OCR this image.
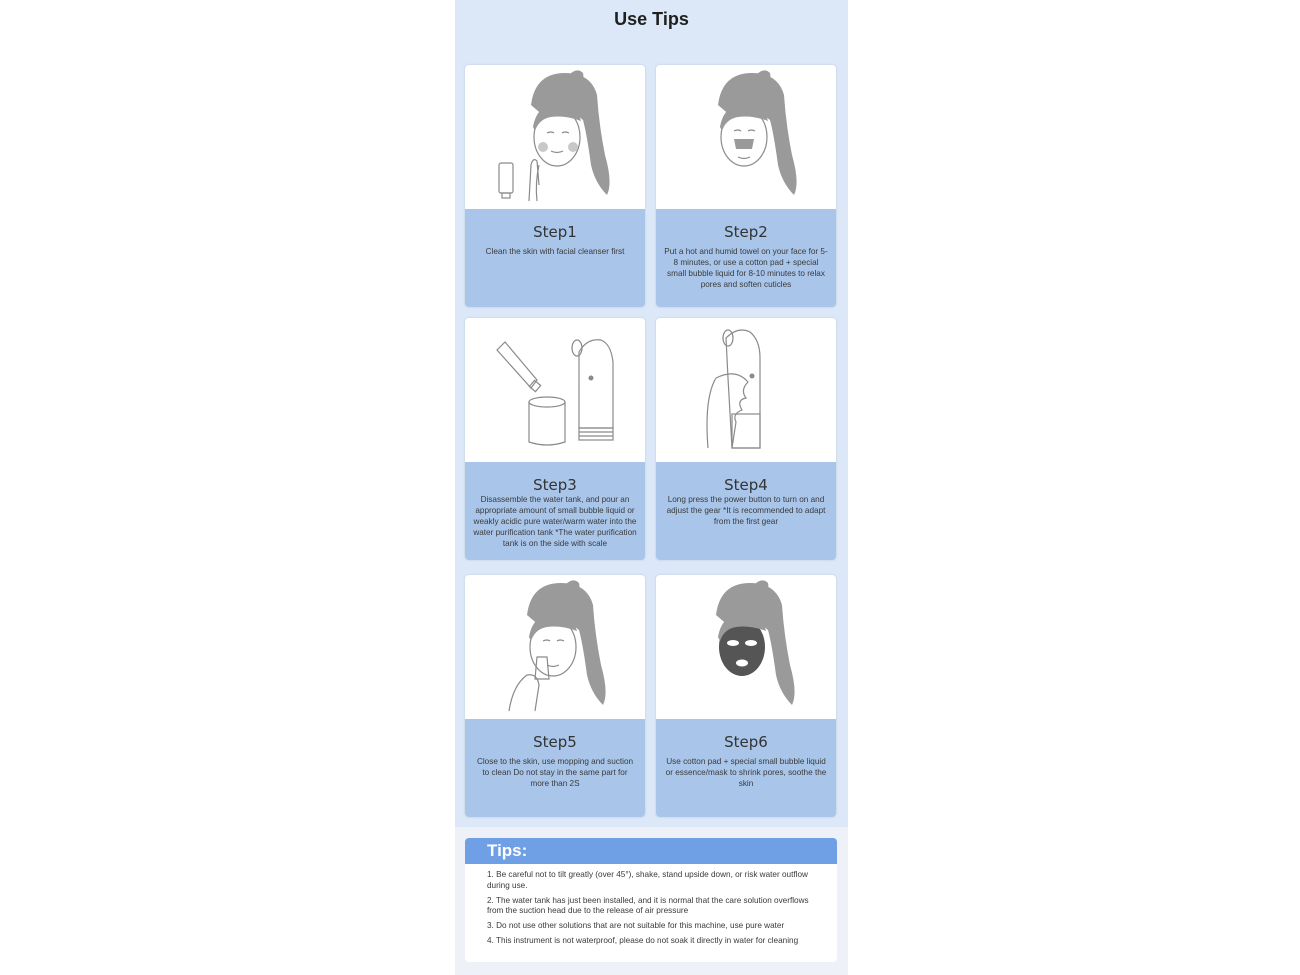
Use Tips
Step1
Clean the skin with facial cleanser first
Step2
Put a hot and humid towel on your face for 5-8 minutes, or use a cotton pad + special small bubble liquid for 8-10 minutes to relax pores and soften cuticles
Step3
Disassemble the water tank, and pour an appropriate amount of small bubble liquid or weakly acidic pure water/warm water into the water purification tank *The water purification tank is on the side with scale
Step4
Long press the power button to turn on and adjust the gear *It is recommended to adapt from the first gear
Step5
Close to the skin, use mopping and suction to clean Do not stay in the same part for more than 2S
Step6
Use cotton pad + special small bubble liquid or essence/mask to shrink pores, soothe the skin
Tips:
1. Be careful not to tilt greatly (over 45°), shake, stand upside down, or risk water outflow during use.
2. The water tank has just been installed, and it is normal that the care solution overflows from the suction head due to the release of air pressure
3. Do not use other solutions that are not suitable for this machine, use pure water
4. This instrument is not waterproof, please do not soak it directly in water for cleaning
